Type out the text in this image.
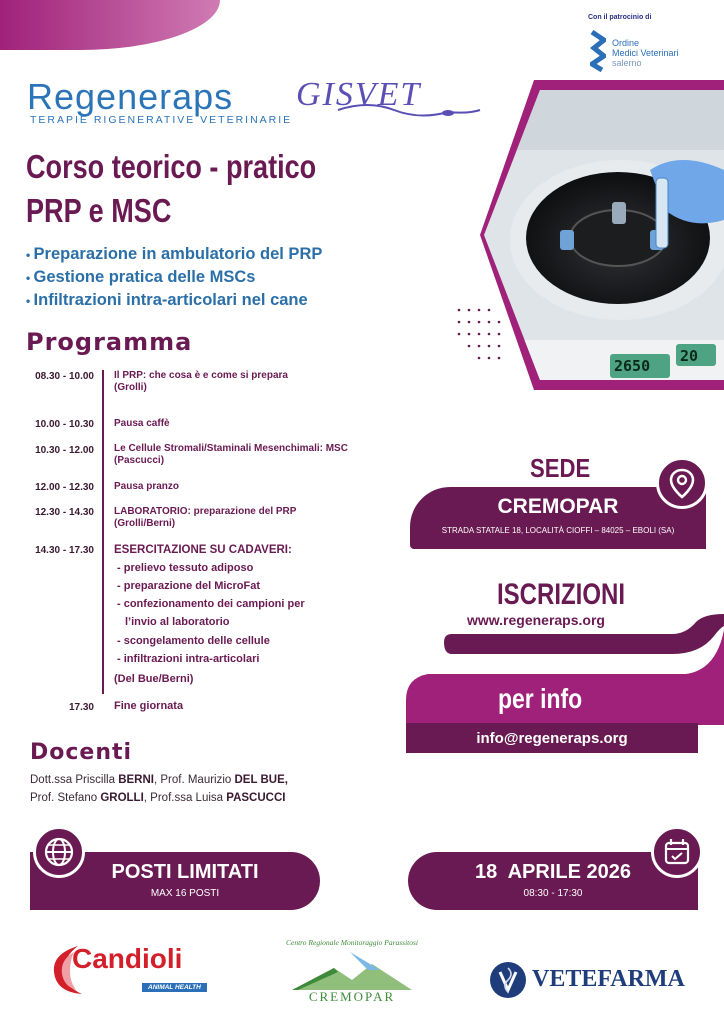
Con il patrocinio di
Ordine
Medici Veterinari
salerno
Regeneraps
TERAPIE RIGENERATIVE VETERINARIE
GISVET
Corso teorico - pratico
PRP e MSC
• Preparazione in ambulatorio del PRP
• Gestione pratica delle MSCs
• Infiltrazioni intra-articolari nel cane
2650
20
Programma
08.30 - 10.00 Il PRP: che cosa è e come si prepara
(Grolli)
10.00 - 10.30 Pausa caffè
10.30 - 12.00 Le Cellule Stromali/Staminali Mesenchimali: MSC
(Pascucci)
12.00 - 12.30 Pausa pranzo
12.30 - 14.30 LABORATORIO: preparazione del PRP
(Grolli/Berni)
14.30 - 17.30 ESERCITAZIONE SU CADAVERI:
- prelievo tessuto adiposo
- preparazione del MicroFat
- confezionamento dei campioni per
l’invio al laboratorio
- scongelamento delle cellule
- infiltrazioni intra-articolari
(Del Bue/Berni)
17.30 Fine giornata
SEDE
CREMOPAR
STRADA STATALE 18, LOCALITÀ CIOFFI – 84025 – EBOLI (SA)
ISCRIZIONI
www.regeneraps.org
per info
info@regeneraps.org
Docenti
Dott.ssa Priscilla BERNI, Prof. Maurizio DEL BUE,
Prof. Stefano GROLLI, Prof.ssa Luisa PASCUCCI
POSTI LIMITATI
MAX 16 POSTI
18  APRILE 2026
08:30 - 17:30
Candioli
ANIMAL HEALTH
Centro Regionale Monitoraggio Parassitosi
CREMOPAR
VETEFARMA
